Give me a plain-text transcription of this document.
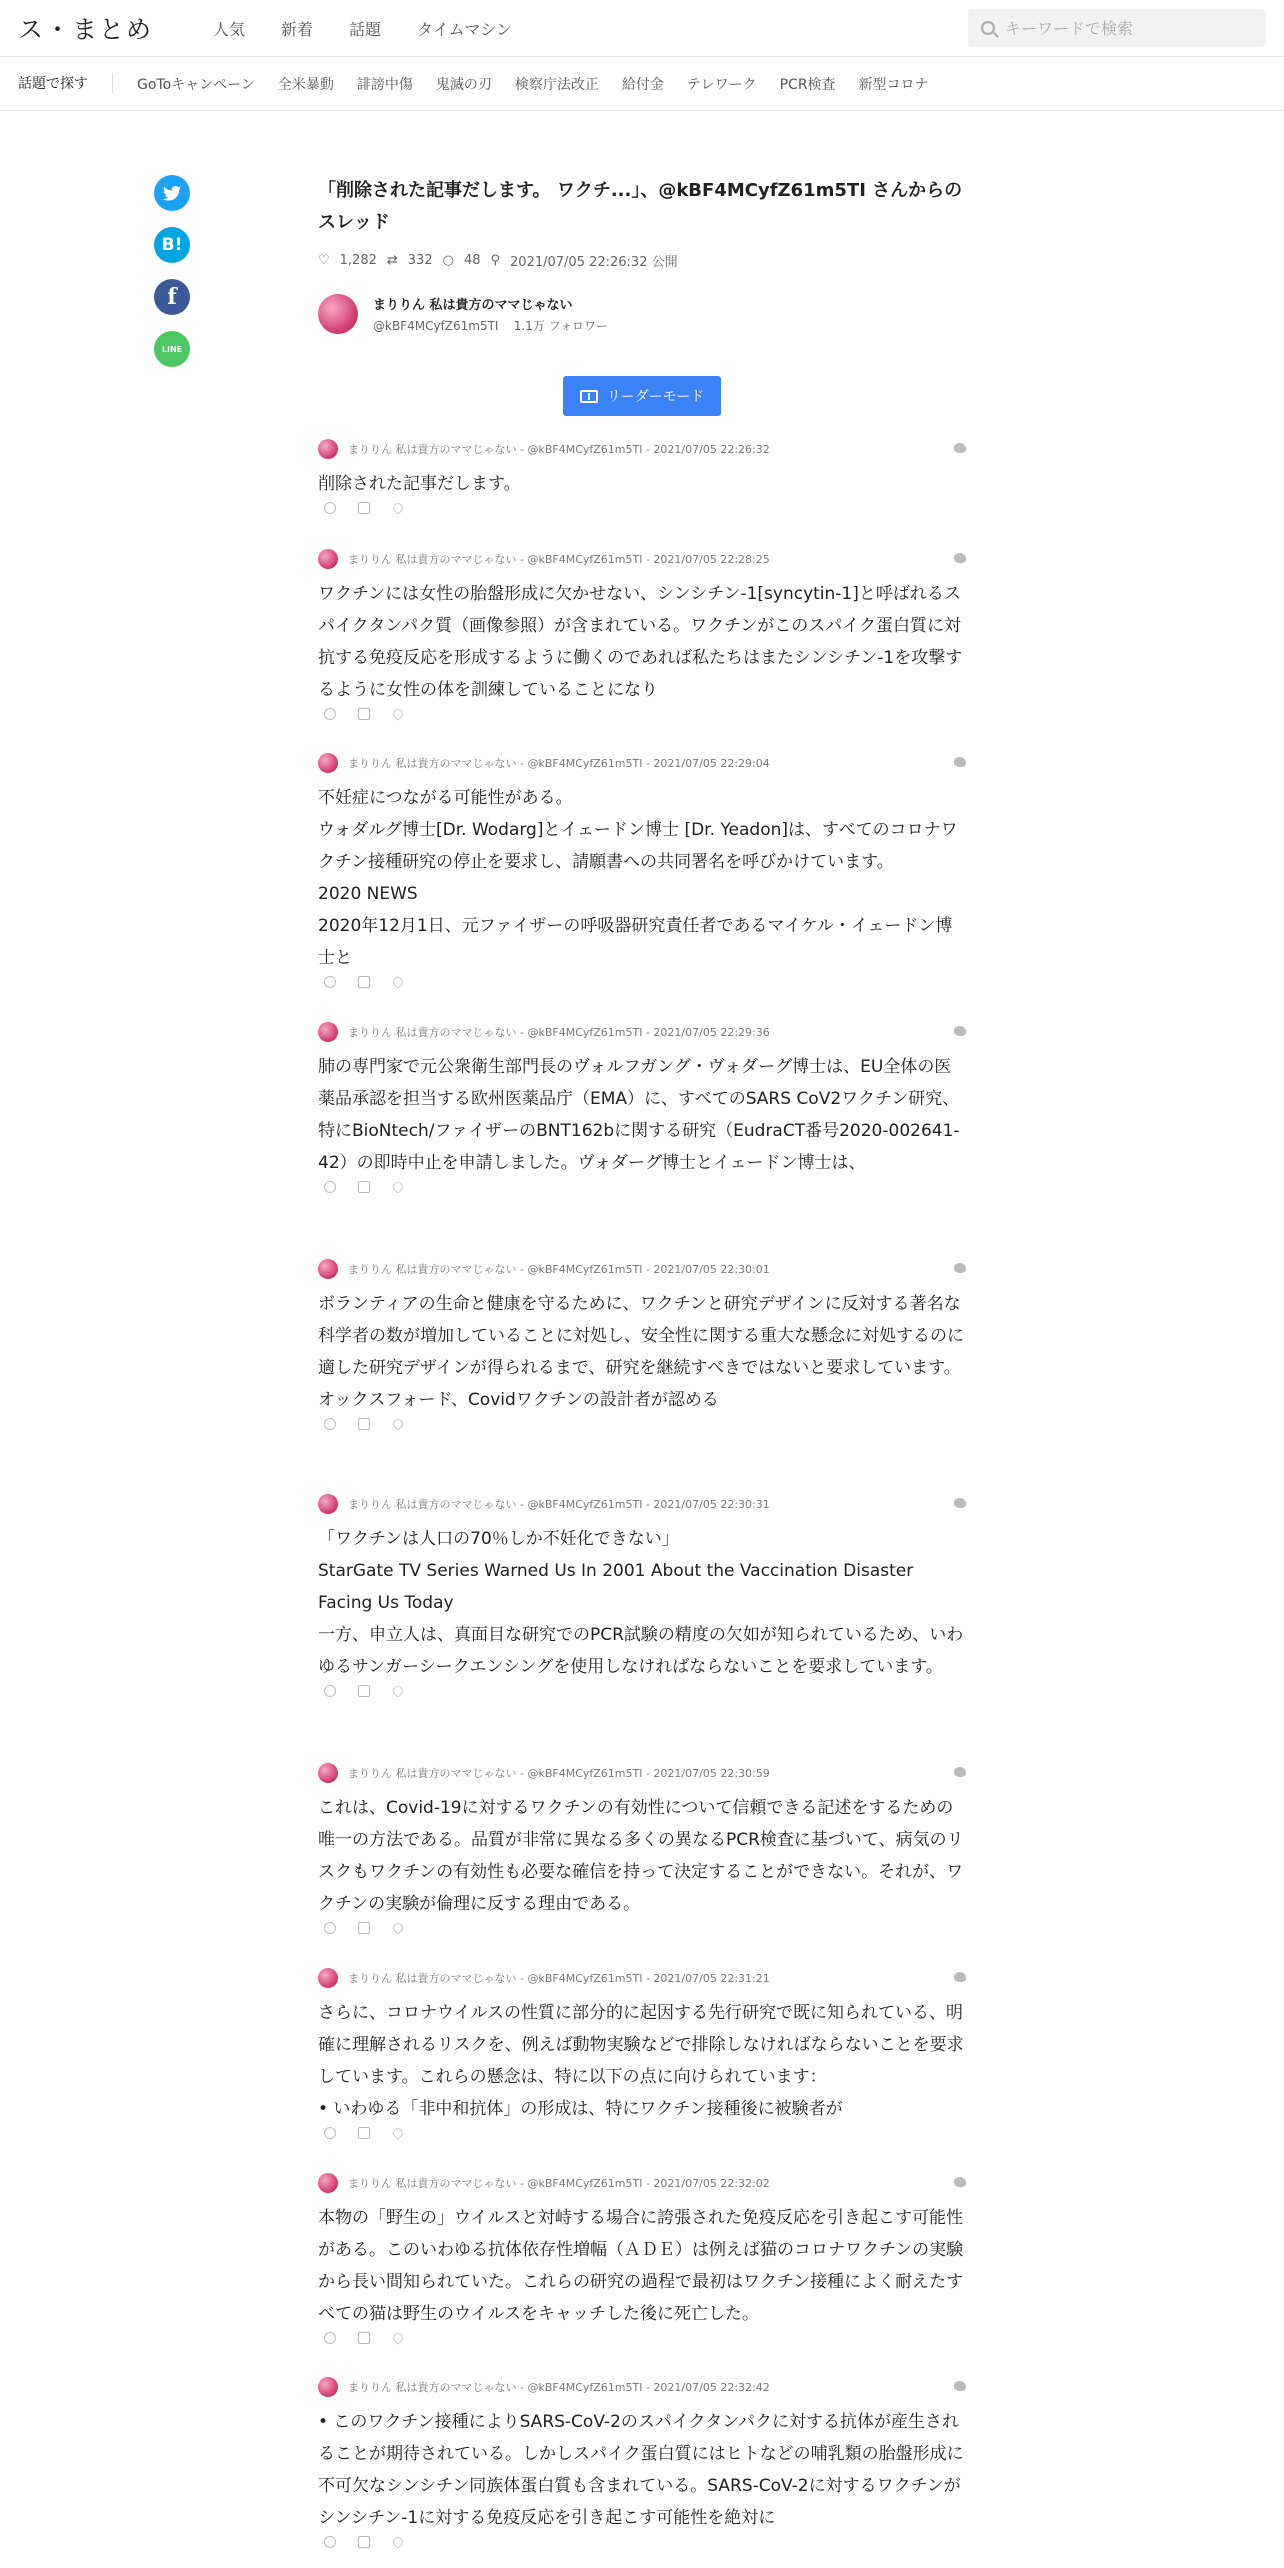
ス・まとめ	人気 新着 話題 タイムマシン
キーワードで検索
話題で探す	GoToキャンペーン 全米暴動 誹謗中傷 鬼滅の刃 検察庁法改正 給付金 テレワーク PCR検査 新型コロナ
B!
f
LINE
「削除された記事だします。 ワクチ...」、@kBF4MCyfZ61m5TI さんからのスレッド
♡ 1,282 ⇄ 332 ○ 48 ⚲ 2021/07/05 22:26:32 公開
まりりん 私は貴方のママじゃない
@kBF4MCyfZ61m5TI 1.1万 フォロワー
リーダーモード
まりりん 私は貴方のママじゃない - @kBF4MCyfZ61m5TI - 2021/07/05 22:26:32
削除された記事だします。
まりりん 私は貴方のママじゃない - @kBF4MCyfZ61m5TI - 2021/07/05 22:28:25
ワクチンには女性の胎盤形成に欠かせない、シンシチン-1[syncytin-1]と呼ばれるスパイクタンパク質（画像参照）が含まれている。ワクチンがこのスパイク蛋白質に対抗する免疫反応を形成するように働くのであれば私たちはまたシンシチン-1を攻撃するように女性の体を訓練していることになり
まりりん 私は貴方のママじゃない - @kBF4MCyfZ61m5TI - 2021/07/05 22:29:04
不妊症につながる可能性がある。
ウォダルグ博士[Dr. Wodarg]とイェードン博士 [Dr. Yeadon]は、すべてのコロナワクチン接種研究の停止を要求し、請願書への共同署名を呼びかけています。
2020 NEWS
2020年12月1日、元ファイザーの呼吸器研究責任者であるマイケル・イェードン博士と
まりりん 私は貴方のママじゃない - @kBF4MCyfZ61m5TI - 2021/07/05 22:29:36
肺の専門家で元公衆衛生部門長のヴォルフガング・ヴォダーグ博士は、EU全体の医薬品承認を担当する欧州医薬品庁（EMA）に、すべてのSARS CoV2ワクチン研究、特にBioNtech/ファイザーのBNT162bに関する研究（EudraCT番号2020-002641-42）の即時中止を申請しました。ヴォダーグ博士とイェードン博士は、
まりりん 私は貴方のママじゃない - @kBF4MCyfZ61m5TI - 2021/07/05 22:30:01
ボランティアの生命と健康を守るために、ワクチンと研究デザインに反対する著名な科学者の数が増加していることに対処し、安全性に関する重大な懸念に対処するのに適した研究デザインが得られるまで、研究を継続すべきではないと要求しています。
オックスフォード、Covidワクチンの設計者が認める
まりりん 私は貴方のママじゃない - @kBF4MCyfZ61m5TI - 2021/07/05 22:30:31
「ワクチンは人口の70％しか不妊化できない」
StarGate TV Series Warned Us In 2001 About the Vaccination Disaster Facing Us Today
一方、申立人は、真面目な研究でのPCR試験の精度の欠如が知られているため、いわゆるサンガーシークエンシングを使用しなければならないことを要求しています。
まりりん 私は貴方のママじゃない - @kBF4MCyfZ61m5TI - 2021/07/05 22:30:59
これは、Covid-19に対するワクチンの有効性について信頼できる記述をするための唯一の方法である。品質が非常に異なる多くの異なるPCR検査に基づいて、病気のリスクもワクチンの有効性も必要な確信を持って決定することができない。それが、ワクチンの実験が倫理に反する理由である。
まりりん 私は貴方のママじゃない - @kBF4MCyfZ61m5TI - 2021/07/05 22:31:21
さらに、コロナウイルスの性質に部分的に起因する先行研究で既に知られている、明確に理解されるリスクを、例えば動物実験などで排除しなければならないことを要求しています。これらの懸念は、特に以下の点に向けられています：
• いわゆる「非中和抗体」の形成は、特にワクチン接種後に被験者が
まりりん 私は貴方のママじゃない - @kBF4MCyfZ61m5TI - 2021/07/05 22:32:02
本物の「野生の」ウイルスと対峙する場合に誇張された免疫反応を引き起こす可能性がある。このいわゆる抗体依存性増幅（ＡＤＥ）は例えば猫のコロナワクチンの実験から長い間知られていた。これらの研究の過程で最初はワクチン接種によく耐えたすべての猫は野生のウイルスをキャッチした後に死亡した。
まりりん 私は貴方のママじゃない - @kBF4MCyfZ61m5TI - 2021/07/05 22:32:42
• このワクチン接種によりSARS-CoV-2のスパイクタンパクに対する抗体が産生されることが期待されている。しかしスパイク蛋白質にはヒトなどの哺乳類の胎盤形成に不可欠なシンシチン同族体蛋白質も含まれている。SARS-CoV-2に対するワクチンがシンシチン-1に対する免疫反応を引き起こす可能性を絶対に
